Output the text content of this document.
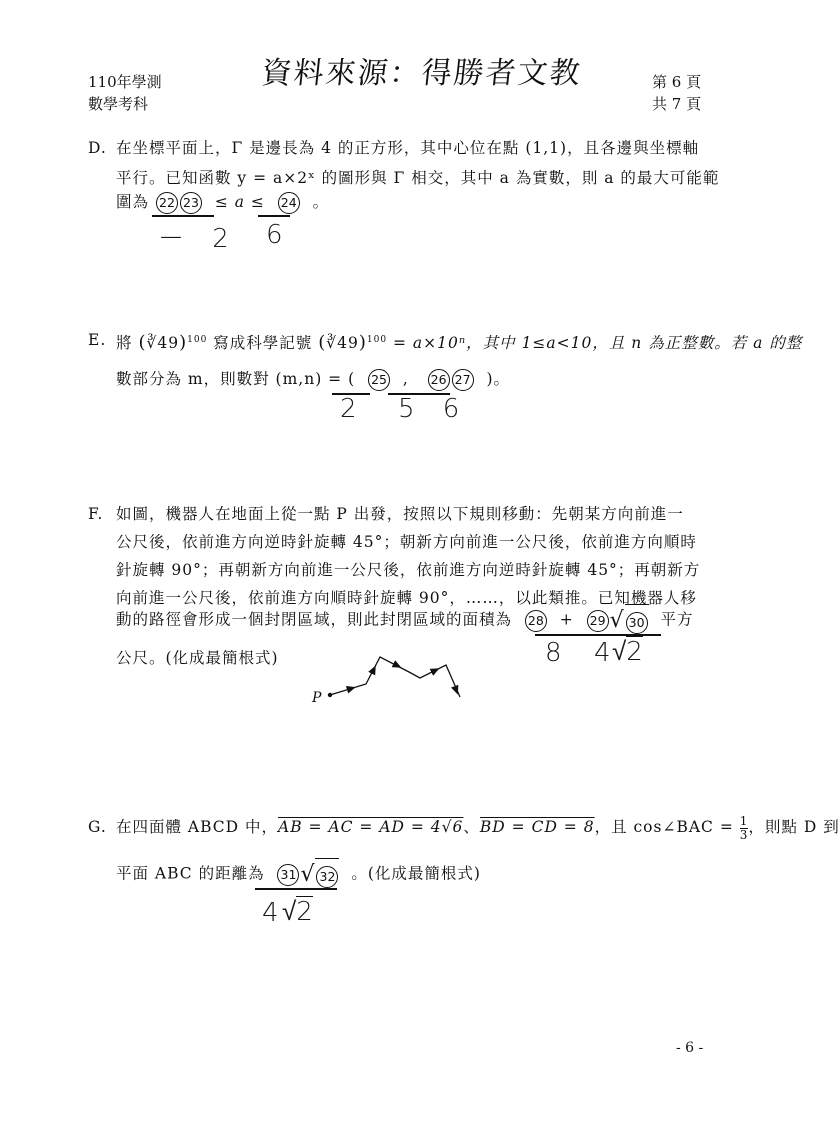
110年學測
數學考科
資料來源：得勝者文教	第 6 頁
共 7 頁
D. 在坐標平面上，Γ 是邊長為 4 的正方形，其中心位在點 (1,1)，且各邊與坐標軸
平行。已知函數 y = a×2ˣ 的圖形與 Γ 相交，其中 a 為實數，則 a 的最大可能範
圍為 22 23 ≤ a ≤ 24 。
－ 2 6
E. 將 (∛49)$^{100}$ 寫成科學記號 (∛49)$^{100}$ = a×10ⁿ，其中 1≤a<10，且 n 為正整數。若 a 的整
數部分為 m，則數對 (m,n) = ( 25 , 26 27 )。
2 5 6
F. 如圖，機器人在地面上從一點 P 出發，按照以下規則移動：先朝某方向前進一
公尺後，依前進方向逆時針旋轉 45°；朝新方向前進一公尺後，依前進方向順時
針旋轉 90°；再朝新方向前進一公尺後，依前進方向逆時針旋轉 45°；再朝新方
向前進一公尺後，依前進方向順時針旋轉 90°，……，以此類推。已知機器人移
動的路徑會形成一個封閉區域，則此封閉區域的面積為 28 + 29 √ 30 平方
公尺。(化成最簡根式)	8 4 √2
P
G. 在四面體 ABCD 中，AB = AC = AD = 4√6、BD = CD = 8，且 cos∠BAC = $\frac{1}{3}$ ，則點 D 到
平面 ABC 的距離為 31 √ 32 。(化成最簡根式)
4 √2
- 6 -
